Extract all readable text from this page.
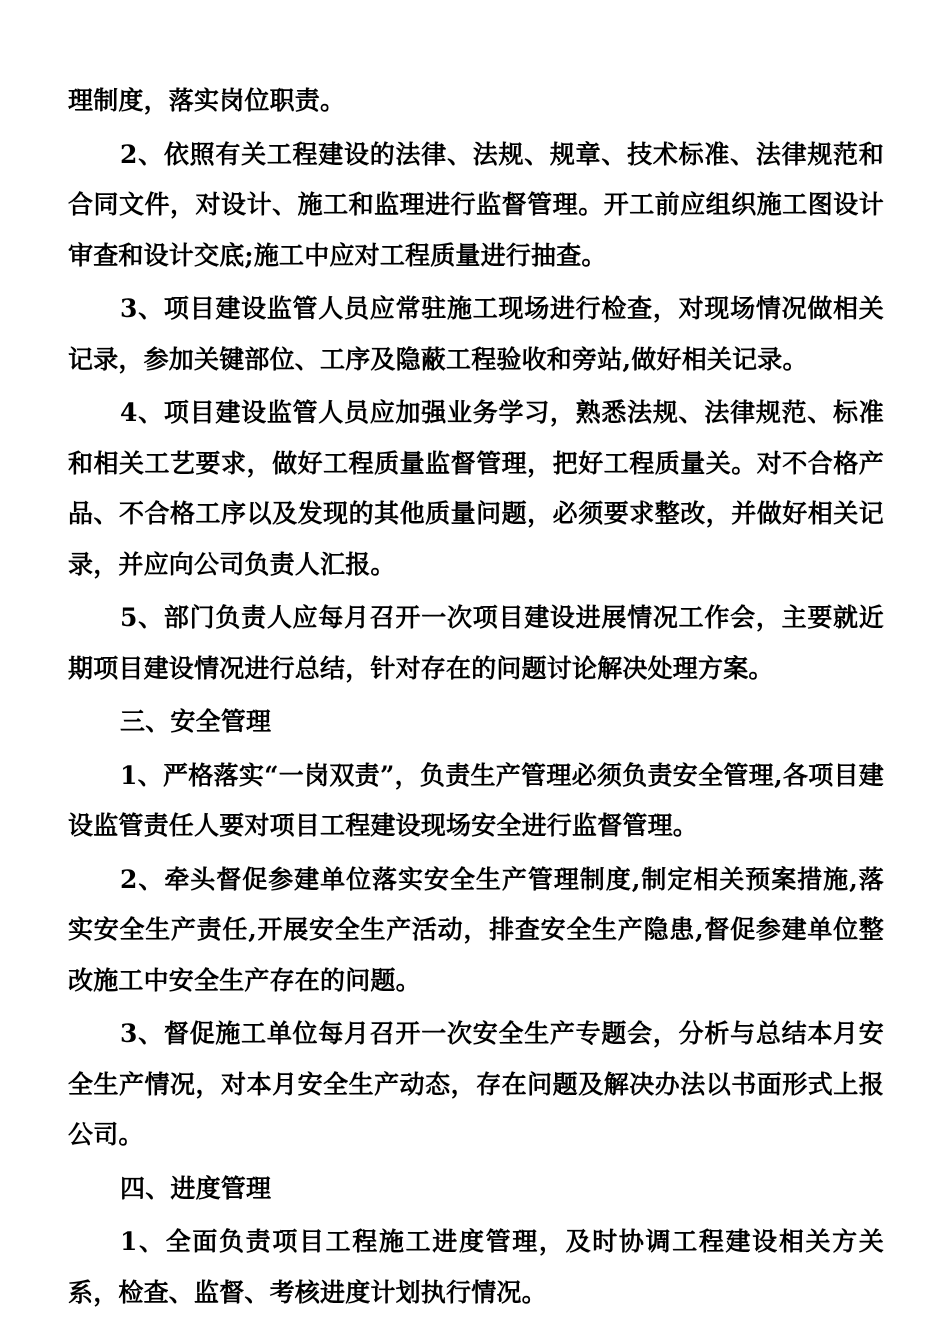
理制度，落实岗位职责。

2、依照有关工程建设的法律、法规、规章、技术标准、法律规范和合同文件，对设计、施工和监理进行监督管理。开工前应组织施工图设计审查和设计交底;施工中应对工程质量进行抽查。

3、项目建设监管人员应常驻施工现场进行检查，对现场情况做相关记录，参加关键部位、工序及隐蔽工程验收和旁站,做好相关记录。

4、项目建设监管人员应加强业务学习，熟悉法规、法律规范、标准和相关工艺要求，做好工程质量监督管理，把好工程质量关。对不合格产品、不合格工序以及发现的其他质量问题，必须要求整改，并做好相关记录，并应向公司负责人汇报。

5、部门负责人应每月召开一次项目建设进展情况工作会，主要就近期项目建设情况进行总结，针对存在的问题讨论解决处理方案。

三、安全管理

1、严格落实“一岗双责”，负责生产管理必须负责安全管理,各项目建设监管责任人要对项目工程建设现场安全进行监督管理。

2、牵头督促参建单位落实安全生产管理制度,制定相关预案措施,落实安全生产责任,开展安全生产活动，排查安全生产隐患,督促参建单位整改施工中安全生产存在的问题。

3、督促施工单位每月召开一次安全生产专题会，分析与总结本月安全生产情况，对本月安全生产动态，存在问题及解决办法以书面形式上报公司。

四、进度管理

1、全面负责项目工程施工进度管理，及时协调工程建设相关方关系，检查、监督、考核进度计划执行情况。
